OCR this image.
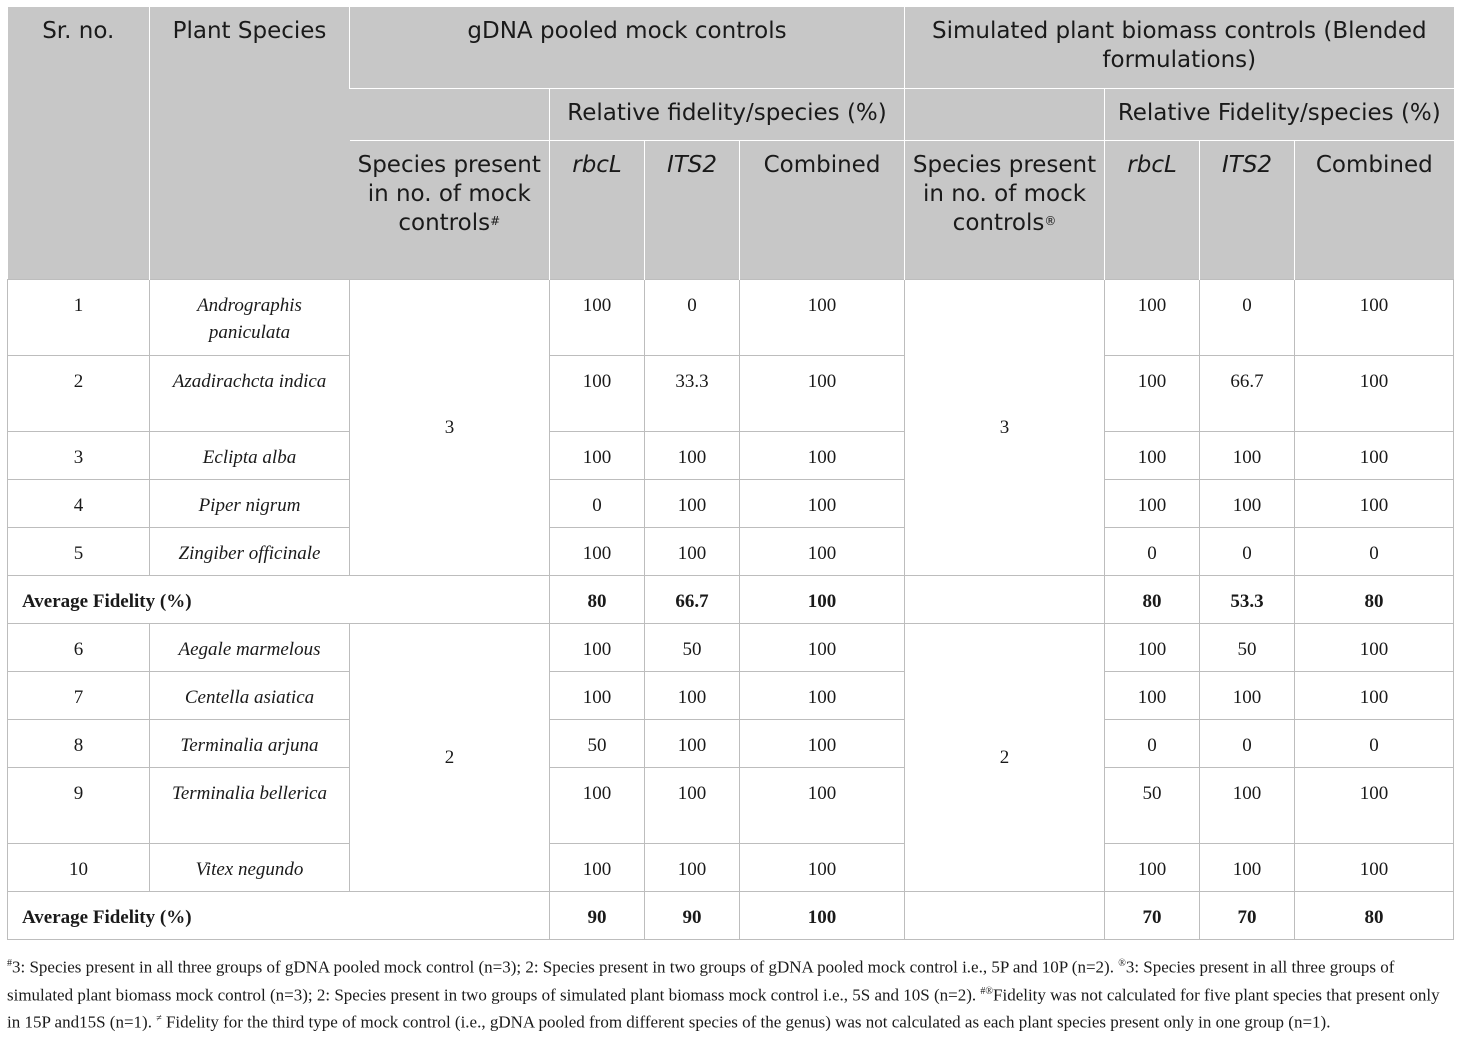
Sr. no.	Plant Species	gDNA pooled mock controls				Simulated plant biomass controls (Blended formulations)			
			Relative fidelity/species (%)				Relative Fidelity/species (%)		
		Species present in no. of mock controls#	rbcL	ITS2	Combined	Species present in no. of mock controls®	rbcL	ITS2	Combined
1	Andrographis paniculata	3	100	0	100	3	100	0	100
2	Azadirachcta indica		100	33.3	100		100	66.7	100
3	Eclipta alba		100	100	100		100	100	100
4	Piper nigrum		0	100	100		100	100	100
5	Zingiber officinale		100	100	100		0	0	0
Average Fidelity (%)			80	66.7	100		80	53.3	80
6	Aegale marmelous	2	100	50	100	2	100	50	100
7	Centella asiatica		100	100	100		100	100	100
8	Terminalia arjuna		50	100	100		0	0	0
9	Terminalia bellerica		100	100	100		50	100	100
10	Vitex negundo		100	100	100		100	100	100
Average Fidelity (%)			90	90	100		70	70	80
#3: Species present in all three groups of gDNA pooled mock control (n=3); 2: Species present in two groups of gDNA pooled mock control i.e., 5P and 10P (n=2). ®3: Species present in all three groups of simulated plant biomass mock control (n=3); 2: Species present in two groups of simulated plant biomass mock control i.e., 5S and 10S (n=2). #®Fidelity was not calculated for five plant species that present only in 15P and15S (n=1). ≠ Fidelity for the third type of mock control (i.e., gDNA pooled from different species of the genus) was not calculated as each plant species present only in one group (n=1).
